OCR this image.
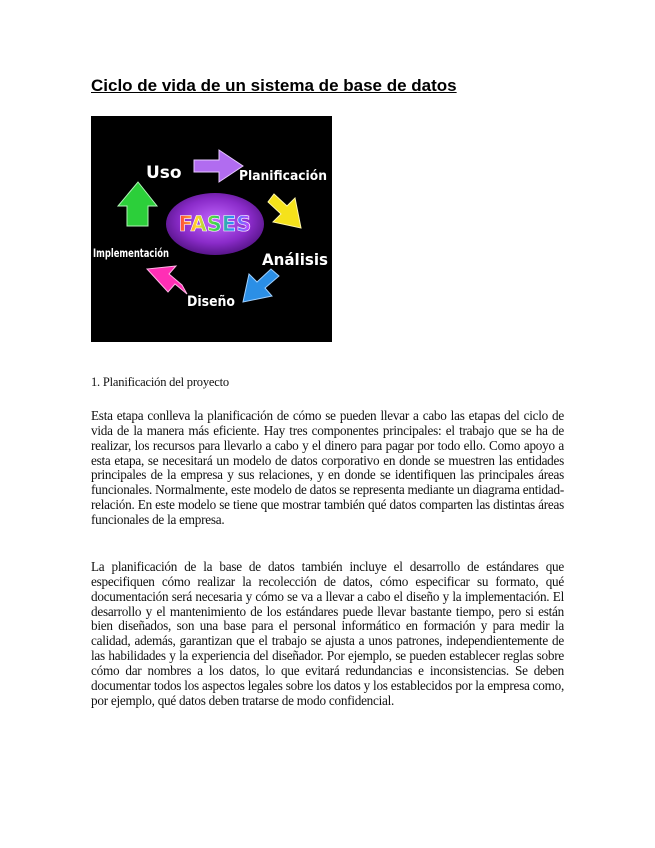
Ciclo de vida de un sistema de base de datos
FASES
Uso	Planificación
Análisis
Diseño
Implementación
1. Planificación del proyecto

Esta etapa conlleva la planificación de cómo se pueden llevar a cabo las etapas del ciclo de vida de la manera más eficiente. Hay tres componentes principales: el trabajo que se ha de realizar, los recursos para llevarlo a cabo y el dinero para pagar por todo ello. Como apoyo a esta etapa, se necesitará un modelo de datos corporativo en donde se muestren las entidades principales de la empresa y sus relaciones, y en donde se identifiquen las principales áreas funcionales. Normalmente, este modelo de datos se representa mediante un diagrama entidad-relación. En este modelo se tiene que mostrar también qué datos comparten las distintas áreas funcionales de la empresa.

La planificación de la base de datos también incluye el desarrollo de estándares que especifiquen cómo realizar la recolección de datos, cómo especificar su formato, qué documentación será necesaria y cómo se va a llevar a cabo el diseño y la implementación. El desarrollo y el mantenimiento de los estándares puede llevar bastante tiempo, pero si están bien diseñados, son una base para el personal informático en formación y para medir la calidad, además, garantizan que el trabajo se ajusta a unos patrones, independientemente de las habilidades y la experiencia del diseñador. Por ejemplo, se pueden establecer reglas sobre cómo dar nombres a los datos, lo que evitará redundancias e inconsistencias. Se deben documentar todos los aspectos legales sobre los datos y los establecidos por la empresa como, por ejemplo, qué datos deben tratarse de modo confidencial.
